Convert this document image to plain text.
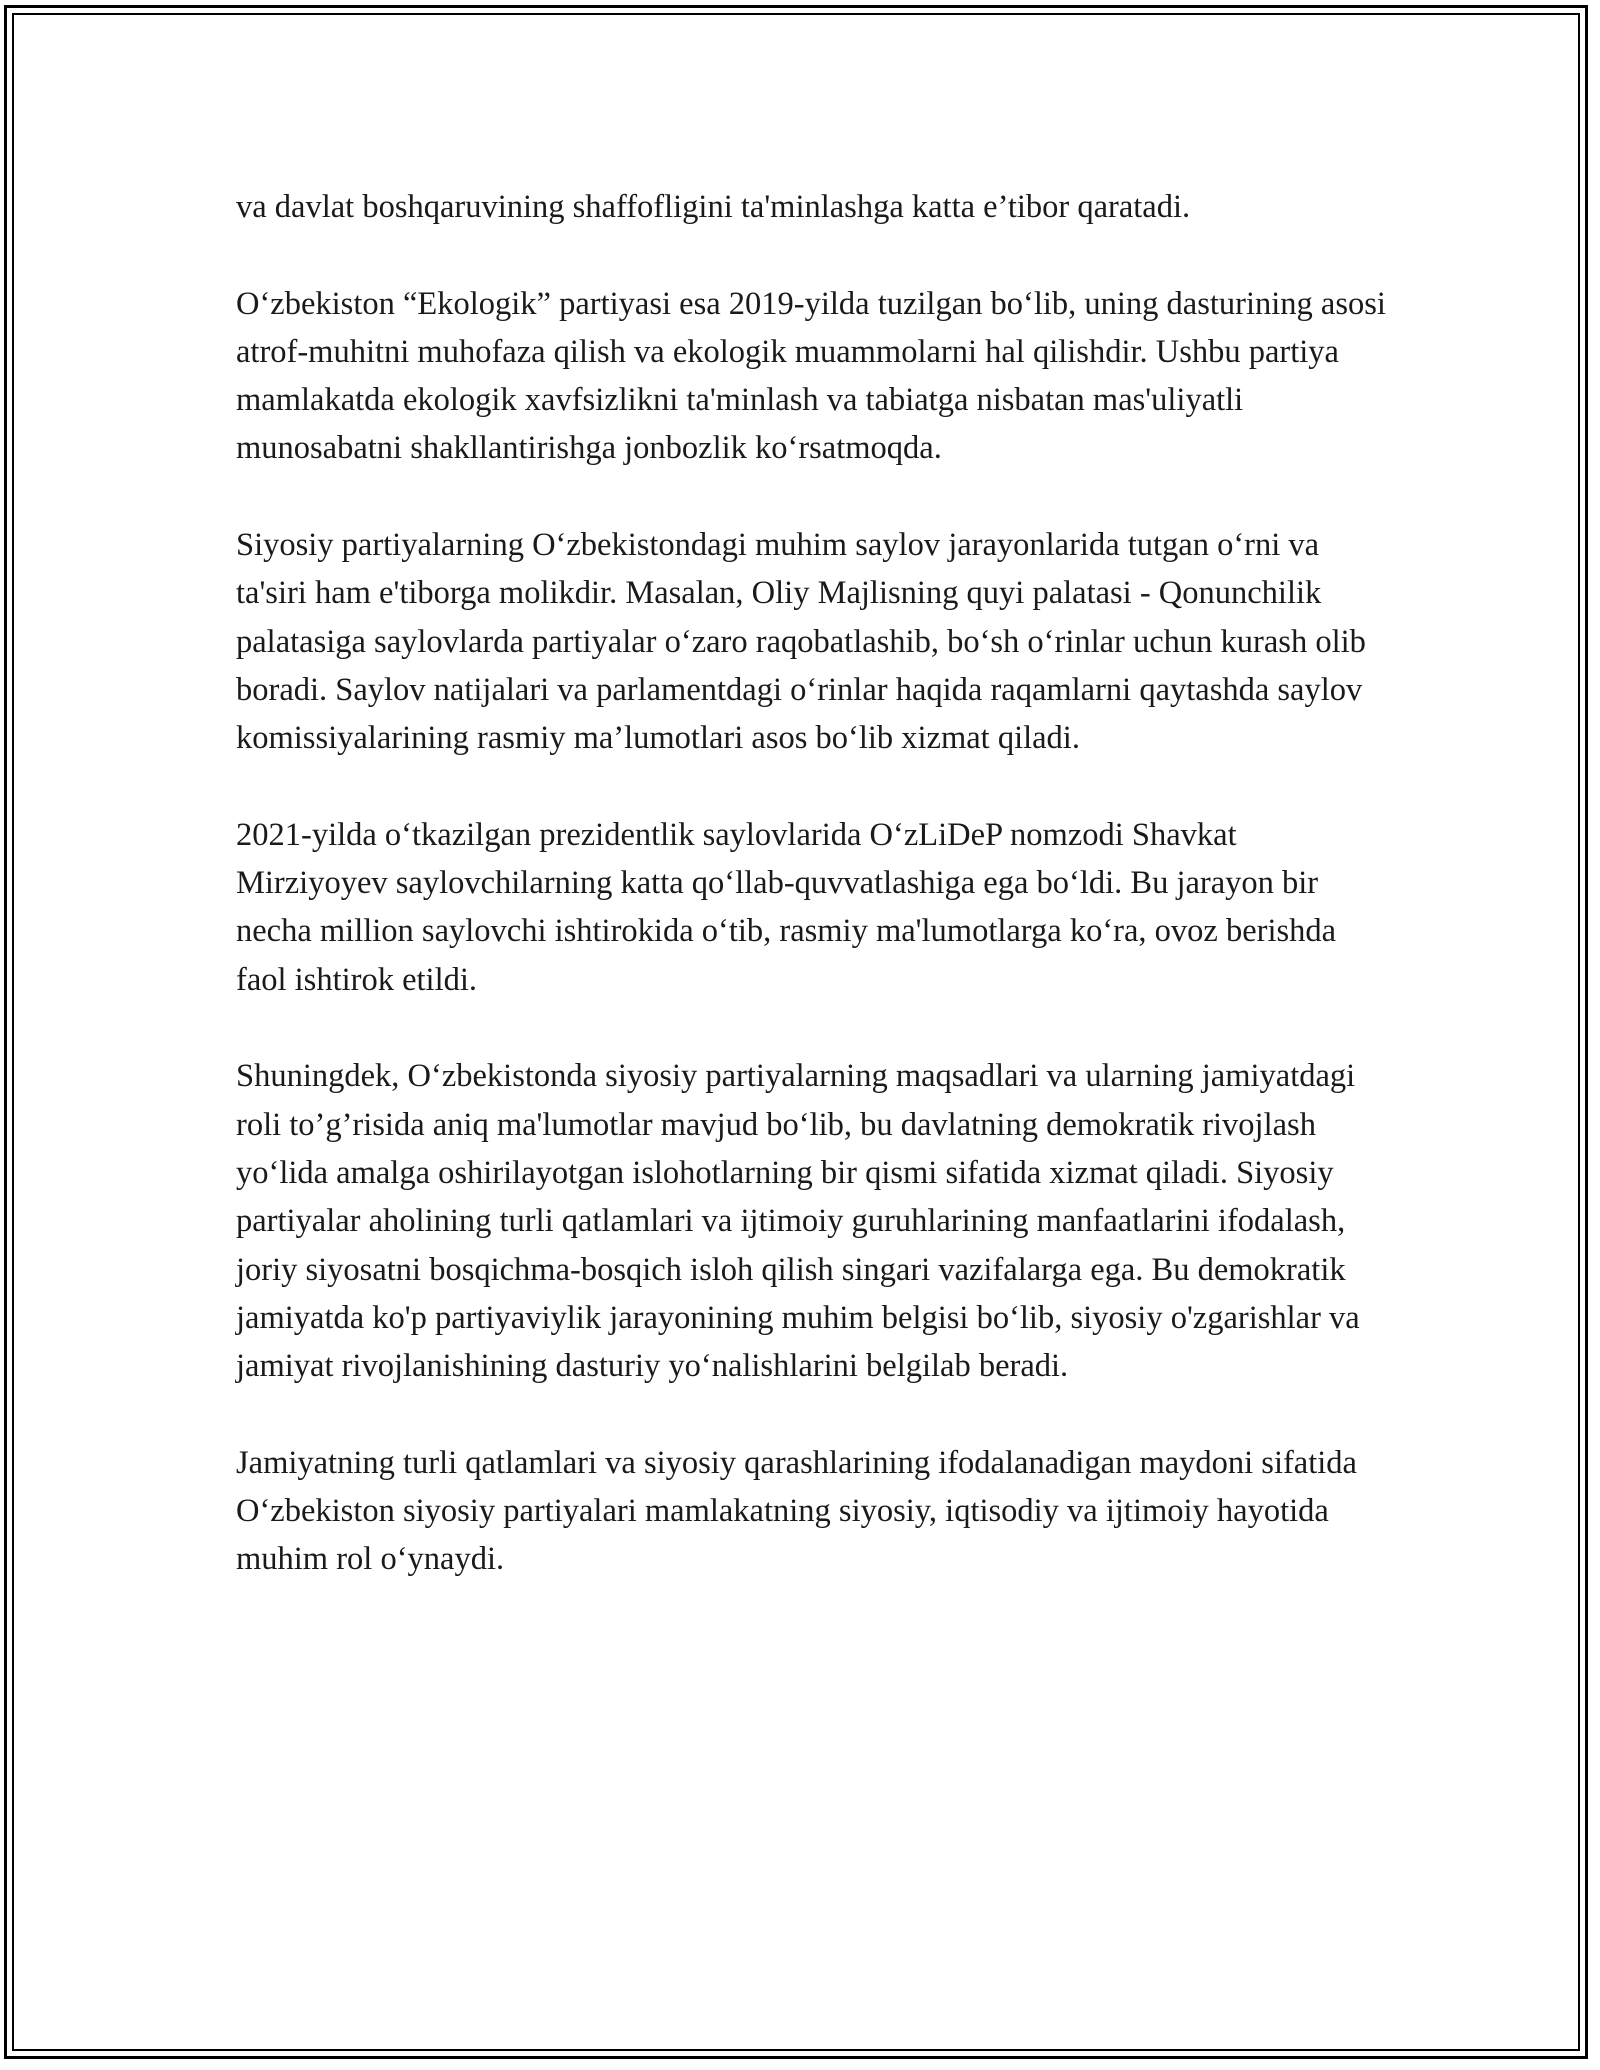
va davlat boshqaruvining shaffofligini ta'minlashga katta e’tibor qaratadi.

O‘zbekiston “Ekologik” partiyasi esa 2019-yilda tuzilgan bo‘lib, uning dasturining asosi atrof-muhitni muhofaza qilish va ekologik muammolarni hal qilishdir. Ushbu partiya mamlakatda ekologik xavfsizlikni ta'minlash va tabiatga nisbatan mas'uliyatli munosabatni shakllantirishga jonbozlik ko‘rsatmoqda.

Siyosiy partiyalarning O‘zbekistondagi muhim saylov jarayonlarida tutgan o‘rni va ta'siri ham e'tiborga molikdir. Masalan, Oliy Majlisning quyi palatasi - Qonunchilik palatasiga saylovlarda partiyalar o‘zaro raqobatlashib, bo‘sh o‘rinlar uchun kurash olib boradi. Saylov natijalari va parlamentdagi o‘rinlar haqida raqamlarni qaytashda saylov komissiyalarining rasmiy ma’lumotlari asos bo‘lib xizmat qiladi.

2021-yilda o‘tkazilgan prezidentlik saylovlarida O‘zLiDeP nomzodi Shavkat Mirziyoyev saylovchilarning katta qo‘llab-quvvatlashiga ega bo‘ldi. Bu jarayon bir necha million saylovchi ishtirokida o‘tib, rasmiy ma'lumotlarga ko‘ra, ovoz berishda faol ishtirok etildi.

Shuningdek, O‘zbekistonda siyosiy partiyalarning maqsadlari va ularning jamiyatdagi roli to’g’risida aniq ma'lumotlar mavjud bo‘lib, bu davlatning demokratik rivojlash yo‘lida amalga oshirilayotgan islohotlarning bir qismi sifatida xizmat qiladi. Siyosiy partiyalar aholining turli qatlamlari va ijtimoiy guruhlarining manfaatlarini ifodalash, joriy siyosatni bosqichma-bosqich isloh qilish singari vazifalarga ega. Bu demokratik jamiyatda ko'p partiyaviylik jarayonining muhim belgisi bo‘lib, siyosiy o'zgarishlar va jamiyat rivojlanishining dasturiy yo‘nalishlarini belgilab beradi.

Jamiyatning turli qatlamlari va siyosiy qarashlarining ifodalanadigan maydoni sifatida O‘zbekiston siyosiy partiyalari mamlakatning siyosiy, iqtisodiy va ijtimoiy hayotida muhim rol o‘ynaydi.
